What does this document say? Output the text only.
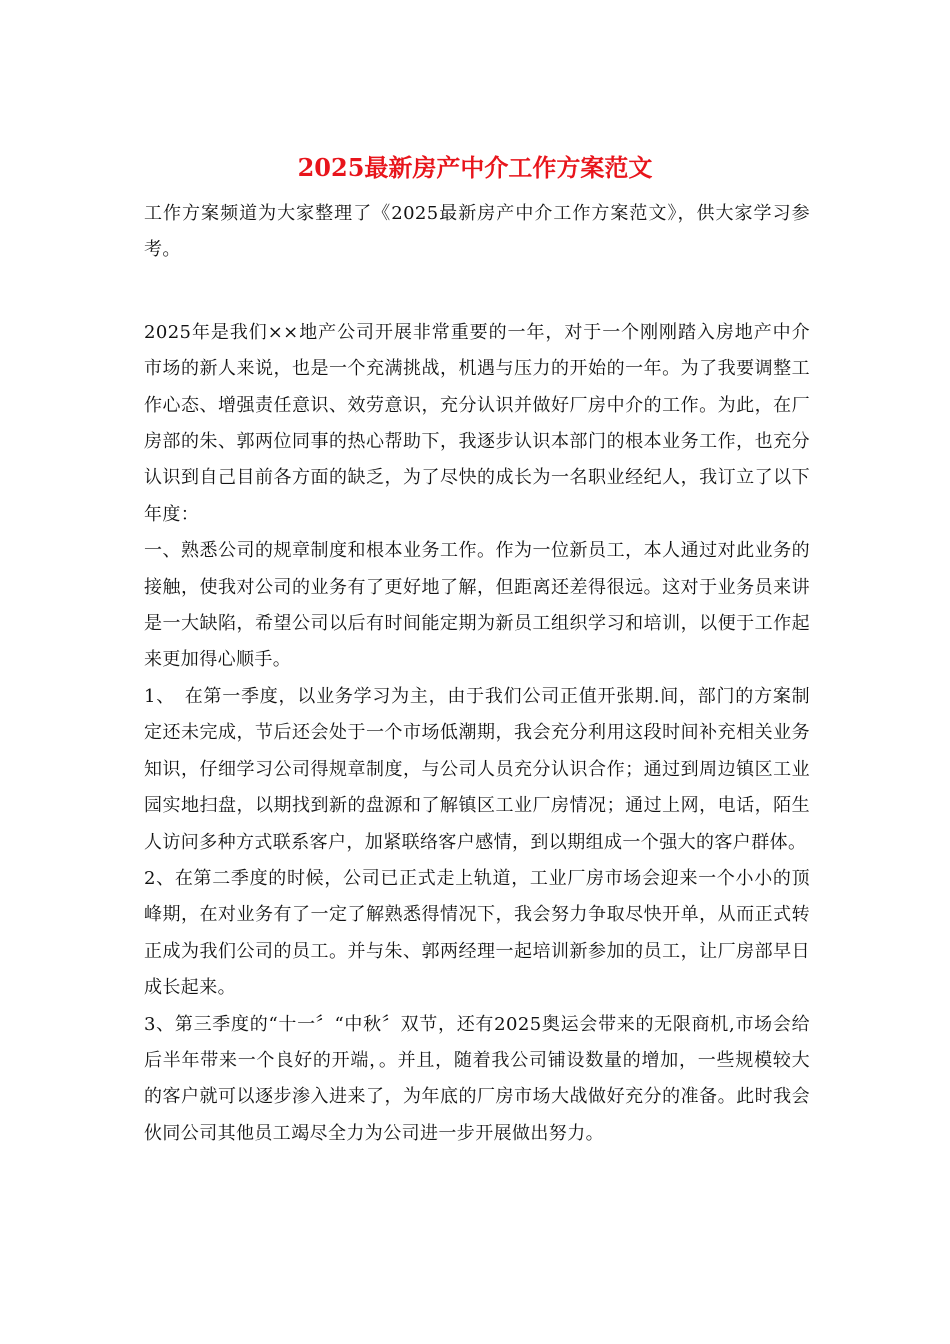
2025最新房产中介工作方案范文

工作方案频道为大家整理了《2025最新房产中介工作方案范文》，供大家学习参考。

2025年是我们××地产公司开展非常重要的一年，对于一个刚刚踏入房地产中介市场的新人来说，也是一个充满挑战，机遇与压力的开始的一年。为了我要调整工作心态、增强责任意识、效劳意识，充分认识并做好厂房中介的工作。为此，在厂房部的朱、郭两位同事的热心帮助下，我逐步认识本部门的根本业务工作，也充分认识到自己目前各方面的缺乏，为了尽快的成长为一名职业经纪人，我订立了以下年度：

一、熟悉公司的规章制度和根本业务工作。作为一位新员工，本人通过对此业务的接触，使我对公司的业务有了更好地了解，但距离还差得很远。这对于业务员来讲是一大缺陷，希望公司以后有时间能定期为新员工组织学习和培训，以便于工作起来更加得心顺手。

1、　在第一季度，以业务学习为主，由于我们公司正值开张期.间，部门的方案制定还未完成，节后还会处于一个市场低潮期，我会充分利用这段时间补充相关业务知识，仔细学习公司得规章制度，与公司人员充分认识合作；通过到周边镇区工业园实地扫盘，以期找到新的盘源和了解镇区工业厂房情况；通过上网，电话，陌生人访问多种方式联系客户，加紧联络客户感情，到以期组成一个强大的客户群体。

2、在第二季度的时候，公司已正式走上轨道，工业厂房市场会迎来一个小小的顶峰期，在对业务有了一定了解熟悉得情况下，我会努力争取尽快开单，从而正式转正成为我们公司的员工。并与朱、郭两经理一起培训新参加的员工，让厂房部早日成长起来。

3、第三季度的“十一〞“中秋〞双节，还有2025奥运会带来的无限商机,市场会给后半年带来一个良好的开端，。并且，随着我公司铺设数量的增加，一些规模较大的客户就可以逐步渗入进来了，为年底的厂房市场大战做好充分的准备。此时我会伙同公司其他员工竭尽全力为公司进一步开展做出努力。
